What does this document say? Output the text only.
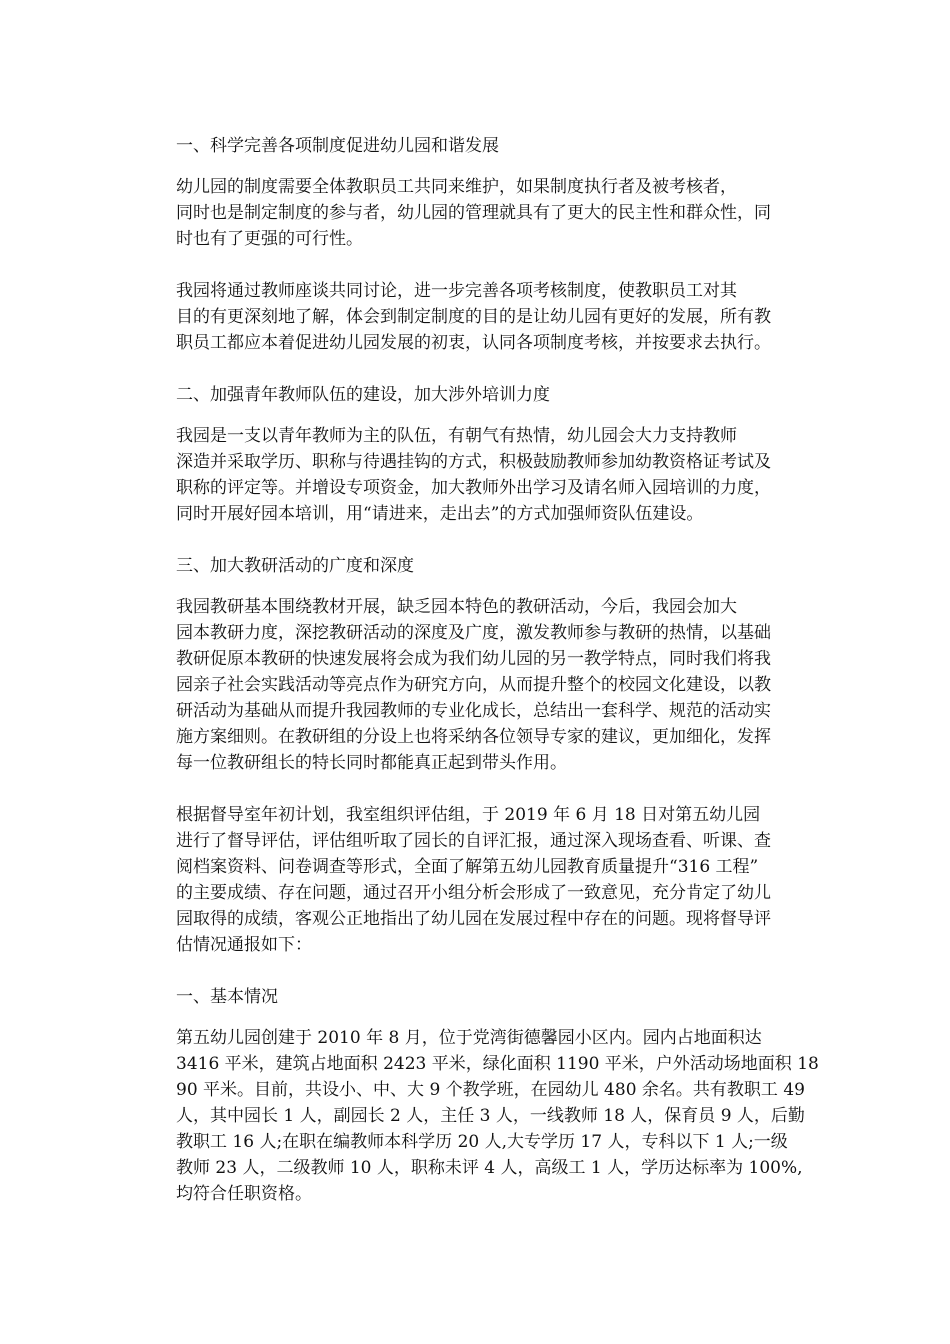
一、科学完善各项制度促进幼儿园和谐发展

幼儿园的制度需要全体教职员工共同来维护，如果制度执行者及被考核者，
同时也是制定制度的参与者，幼儿园的管理就具有了更大的民主性和群众性，同
时也有了更强的可行性。

我园将通过教师座谈共同讨论，进一步完善各项考核制度，使教职员工对其
目的有更深刻地了解，体会到制定制度的目的是让幼儿园有更好的发展，所有教
职员工都应本着促进幼儿园发展的初衷，认同各项制度考核，并按要求去执行。

二、加强青年教师队伍的建设，加大涉外培训力度

我园是一支以青年教师为主的队伍，有朝气有热情，幼儿园会大力支持教师
深造并采取学历、职称与待遇挂钩的方式，积极鼓励教师参加幼教资格证考试及
职称的评定等。并增设专项资金，加大教师外出学习及请名师入园培训的力度，
同时开展好园本培训，用“请进来，走出去”的方式加强师资队伍建设。

三、加大教研活动的广度和深度

我园教研基本围绕教材开展，缺乏园本特色的教研活动，今后，我园会加大
园本教研力度，深挖教研活动的深度及广度，激发教师参与教研的热情，以基础
教研促原本教研的快速发展将会成为我们幼儿园的另一教学特点，同时我们将我
园亲子社会实践活动等亮点作为研究方向，从而提升整个的校园文化建设，以教
研活动为基础从而提升我园教师的专业化成长，总结出一套科学、规范的活动实
施方案细则。在教研组的分设上也将采纳各位领导专家的建议，更加细化，发挥
每一位教研组长的特长同时都能真正起到带头作用。

根据督导室年初计划，我室组织评估组，于 2019 年 6 月 18 日对第五幼儿园
进行了督导评估，评估组听取了园长的自评汇报，通过深入现场查看、听课、查
阅档案资料、问卷调查等形式，全面了解第五幼儿园教育质量提升“316 工程”
的主要成绩、存在问题，通过召开小组分析会形成了一致意见，充分肯定了幼儿
园取得的成绩，客观公正地指出了幼儿园在发展过程中存在的问题。现将督导评
估情况通报如下：

一、基本情况

第五幼儿园创建于 2010 年 8 月，位于党湾街德馨园小区内。园内占地面积达
3416 平米，建筑占地面积 2423 平米，绿化面积 1190 平米，户外活动场地面积 18
90 平米。目前，共设小、中、大 9 个教学班，在园幼儿 480 余名。共有教职工 49
人，其中园长 1 人，副园长 2 人，主任 3 人，一线教师 18 人，保育员 9 人，后勤
教职工 16 人;在职在编教师本科学历 20 人,大专学历 17 人，专科以下 1 人;一级
教师 23 人，二级教师 10 人，职称未评 4 人，高级工 1 人，学历达标率为 100%,
均符合任职资格。
